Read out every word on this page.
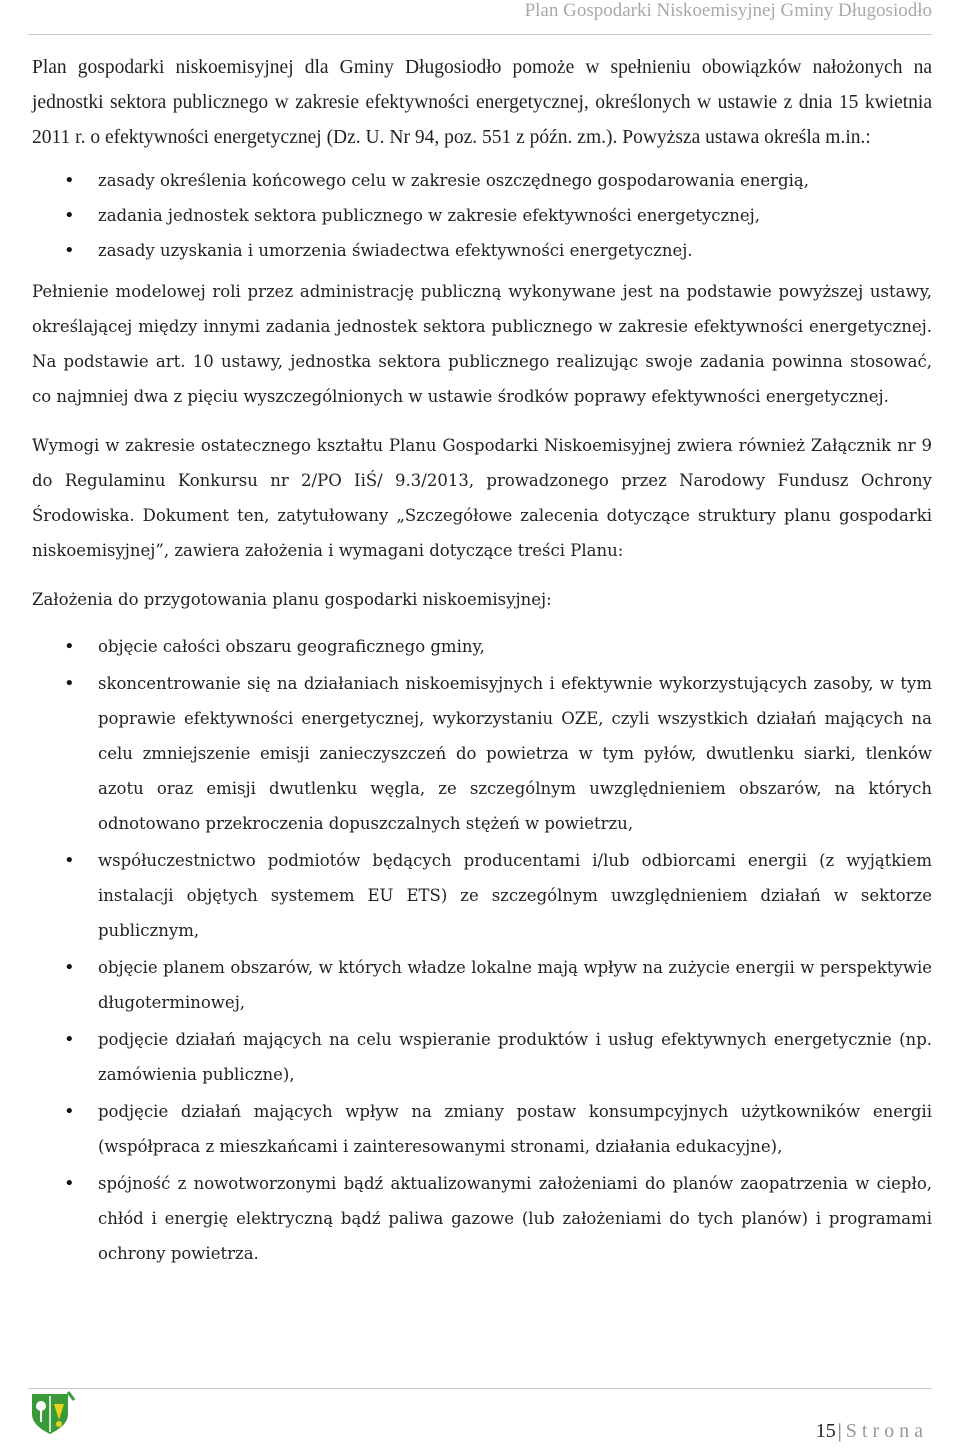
Plan Gospodarki Niskoemisyjnej Gminy Długosiodło

Plan gospodarki niskoemisyjnej dla Gminy Długosiodło pomoże w spełnieniu obowiązków nałożonych na jednostki sektora publicznego w zakresie efektywności energetycznej, określonych w ustawie z dnia 15 kwietnia 2011 r. o efektywności energetycznej (Dz. U. Nr 94, poz. 551 z późn. zm.). Powyższa ustawa określa m.in.:

• zasady określenia końcowego celu w zakresie oszczędnego gospodarowania energią,
• zadania jednostek sektora publicznego w zakresie efektywności energetycznej,
• zasady uzyskania i umorzenia świadectwa efektywności energetycznej.

Pełnienie modelowej roli przez administrację publiczną wykonywane jest na podstawie powyższej ustawy, określającej między innymi zadania jednostek sektora publicznego w zakresie efektywności energetycznej. Na podstawie art. 10 ustawy, jednostka sektora publicznego realizując swoje zadania powinna stosować, co najmniej dwa z pięciu wyszczególnionych w ustawie środków poprawy efektywności energetycznej.

Wymogi w zakresie ostatecznego kształtu Planu Gospodarki Niskoemisyjnej zwiera również Załącznik nr 9 do Regulaminu Konkursu nr 2/PO IiŚ/ 9.3/2013, prowadzonego przez Narodowy Fundusz Ochrony Środowiska. Dokument ten, zatytułowany „Szczegółowe zalecenia dotyczące struktury planu gospodarki niskoemisyjnej”, zawiera założenia i wymagani dotyczące treści Planu:

Założenia do przygotowania planu gospodarki niskoemisyjnej:

• objęcie całości obszaru geograficznego gminy,
• skoncentrowanie się na działaniach niskoemisyjnych i efektywnie wykorzystujących zasoby, w tym poprawie efektywności energetycznej, wykorzystaniu OZE, czyli wszystkich działań mających na celu zmniejszenie emisji zanieczyszczeń do powietrza w tym pyłów, dwutlenku siarki, tlenków azotu oraz emisji dwutlenku węgla, ze szczególnym uwzględnieniem obszarów, na których odnotowano przekroczenia dopuszczalnych stężeń w powietrzu,
• współuczestnictwo podmiotów będących producentami i/lub odbiorcami energii (z wyjątkiem instalacji objętych systemem EU ETS) ze szczególnym uwzględnieniem działań w sektorze publicznym,
• objęcie planem obszarów, w których władze lokalne mają wpływ na zużycie energii w perspektywie długoterminowej,
• podjęcie działań mających na celu wspieranie produktów i usług efektywnych energetycznie (np. zamówienia publiczne),
• podjęcie działań mających wpływ na zmiany postaw konsumpcyjnych użytkowników energii (współpraca z mieszkańcami i zainteresowanymi stronami, działania edukacyjne),
• spójność z nowotworzonymi bądź aktualizowanymi założeniami do planów zaopatrzenia w ciepło, chłód i energię elektryczną bądź paliwa gazowe (lub założeniami do tych planów) i programami ochrony powietrza.
15 | Strona
